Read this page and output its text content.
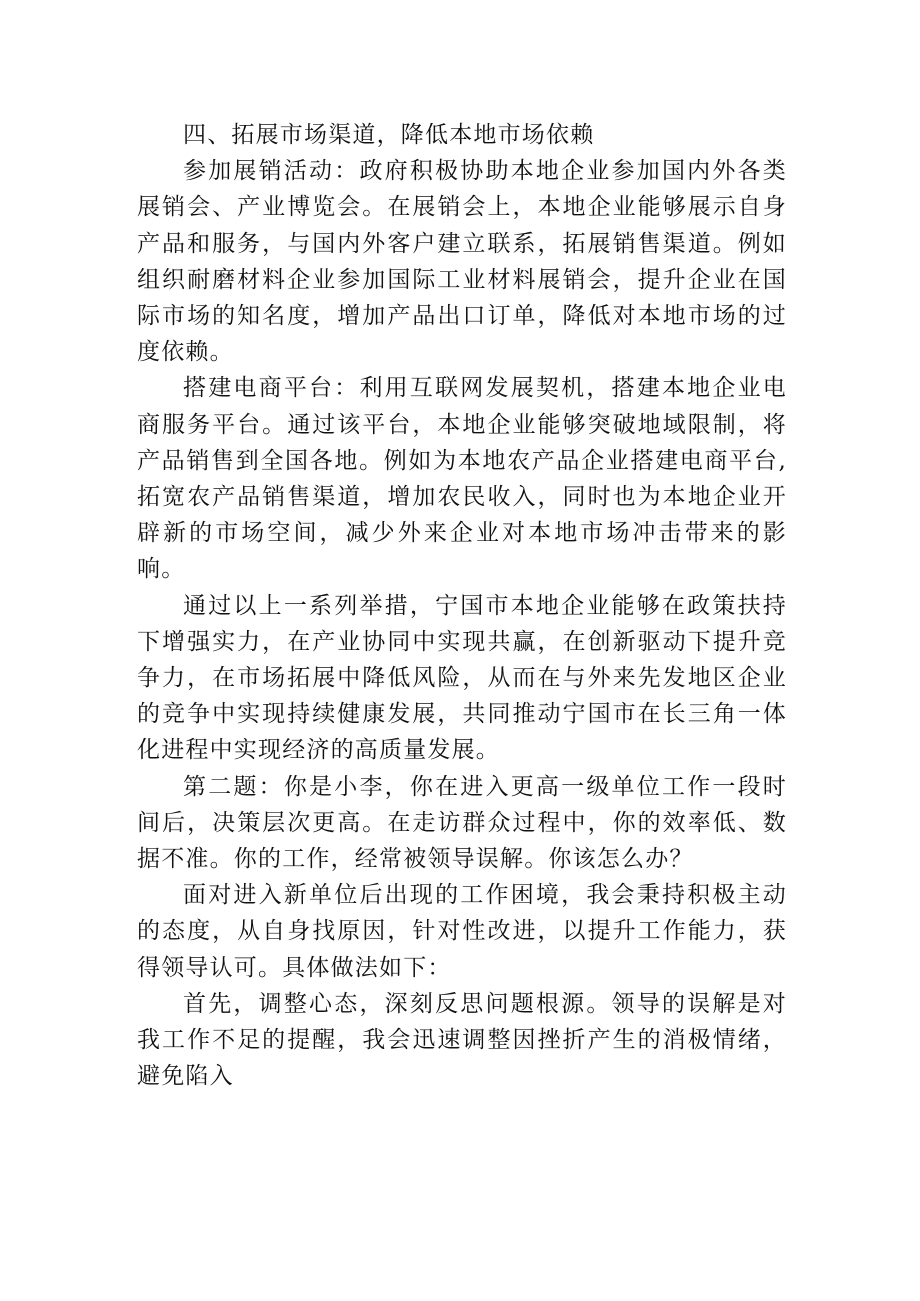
四、拓展市场渠道，降低本地市场依赖

参加展销活动：政府积极协助本地企业参加国内外各类展销会、产业博览会。在展销会上，本地企业能够展示自身产品和服务，与国内外客户建立联系，拓展销售渠道。例如组织耐磨材料企业参加国际工业材料展销会，提升企业在国际市场的知名度，增加产品出口订单，降低对本地市场的过度依赖。

搭建电商平台：利用互联网发展契机，搭建本地企业电商服务平台。通过该平台，本地企业能够突破地域限制，将产品销售到全国各地。例如为本地农产品企业搭建电商平台,拓宽农产品销售渠道，增加农民收入，同时也为本地企业开辟新的市场空间，减少外来企业对本地市场冲击带来的影响。

通过以上一系列举措，宁国市本地企业能够在政策扶持下增强实力，在产业协同中实现共赢，在创新驱动下提升竞争力，在市场拓展中降低风险，从而在与外来先发地区企业的竞争中实现持续健康发展，共同推动宁国市在长三角一体化进程中实现经济的高质量发展。

第二题：你是小李，你在进入更高一级单位工作一段时间后，决策层次更高。在走访群众过程中，你的效率低、数据不准。你的工作，经常被领导误解。你该怎么办？

面对进入新单位后出现的工作困境，我会秉持积极主动的态度，从自身找原因，针对性改进，以提升工作能力，获得领导认可。具体做法如下：

首先，调整心态，深刻反思问题根源。领导的误解是对我工作不足的提醒，我会迅速调整因挫折产生的消极情绪，避免陷入
